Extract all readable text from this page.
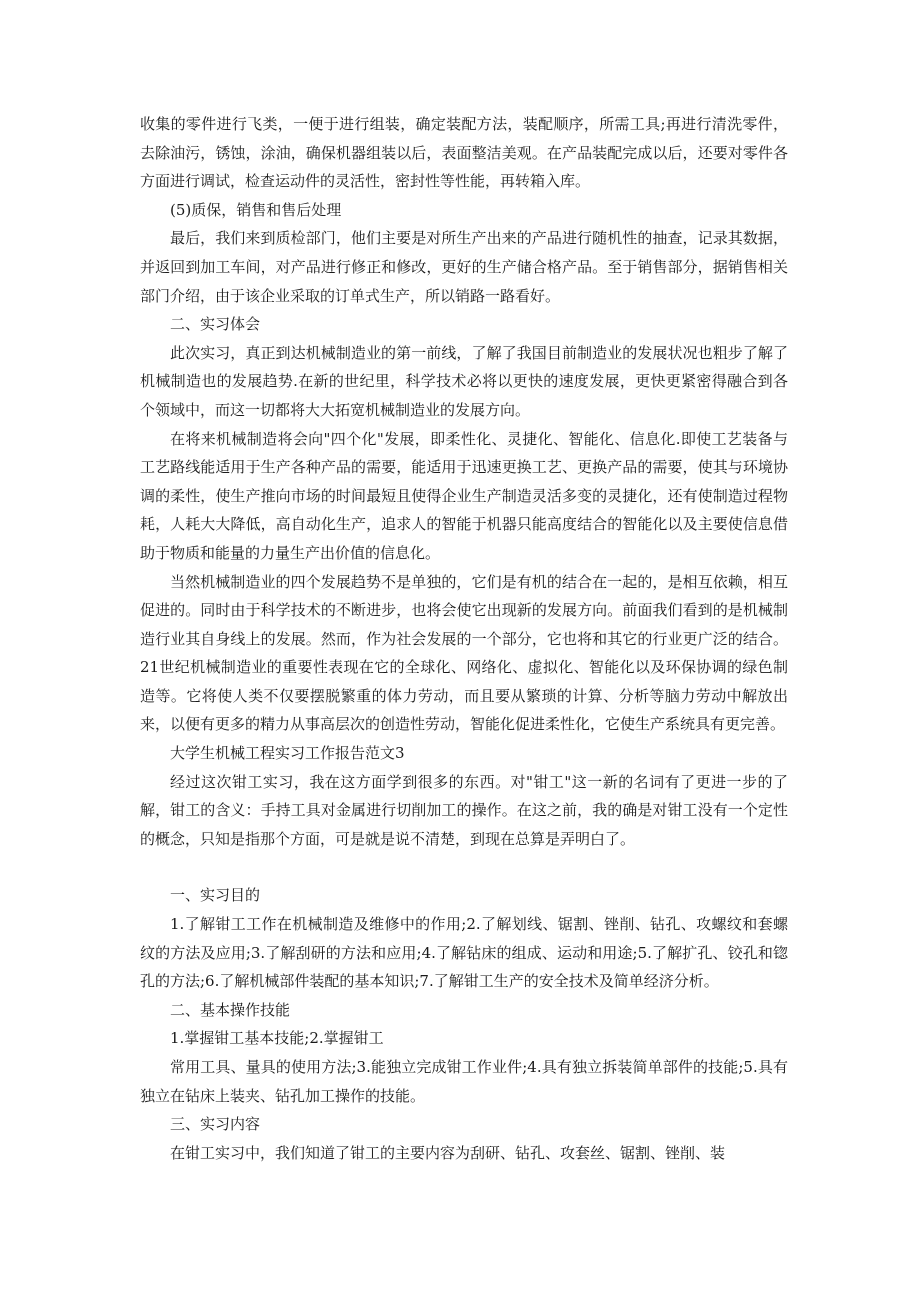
收集的零件进行飞类，一便于进行组装，确定装配方法，装配顺序，所需工具;再进行清洗零件，去除油污，锈蚀，涂油，确保机器组装以后，表面整洁美观。在产品装配完成以后，还要对零件各方面进行调试，检查运动件的灵活性，密封性等性能，再转箱入库。

(5)质保，销售和售后处理

最后，我们来到质检部门，他们主要是对所生产出来的产品进行随机性的抽查，记录其数据，并返回到加工车间，对产品进行修正和修改，更好的生产储合格产品。至于销售部分，据销售相关部门介绍，由于该企业采取的订单式生产，所以销路一路看好。

二、实习体会

此次实习，真正到达机械制造业的第一前线，了解了我国目前制造业的发展状况也粗步了解了机械制造也的发展趋势.在新的世纪里，科学技术必将以更快的速度发展，更快更紧密得融合到各个领域中，而这一切都将大大拓宽机械制造业的发展方向。

在将来机械制造将会向"四个化"发展，即柔性化、灵捷化、智能化、信息化.即使工艺装备与工艺路线能适用于生产各种产品的需要，能适用于迅速更换工艺、更换产品的需要，使其与环境协调的柔性，使生产推向市场的时间最短且使得企业生产制造灵活多变的灵捷化，还有使制造过程物耗，人耗大大降低，高自动化生产，追求人的智能于机器只能高度结合的智能化以及主要使信息借助于物质和能量的力量生产出价值的信息化。

当然机械制造业的四个发展趋势不是单独的，它们是有机的结合在一起的，是相互依赖，相互促进的。同时由于科学技术的不断进步，也将会使它出现新的发展方向。前面我们看到的是机械制造行业其自身线上的发展。然而，作为社会发展的一个部分，它也将和其它的行业更广泛的结合。21世纪机械制造业的重要性表现在它的全球化、网络化、虚拟化、智能化以及环保协调的绿色制造等。它将使人类不仅要摆脱繁重的体力劳动，而且要从繁琐的计算、分析等脑力劳动中解放出来，以便有更多的精力从事高层次的创造性劳动，智能化促进柔性化，它使生产系统具有更完善。

大学生机械工程实习工作报告范文3

经过这次钳工实习，我在这方面学到很多的东西。对"钳工"这一新的名词有了更进一步的了解，钳工的含义：手持工具对金属进行切削加工的操作。在这之前，我的确是对钳工没有一个定性的概念，只知是指那个方面，可是就是说不清楚，到现在总算是弄明白了。

一、实习目的

1.了解钳工工作在机械制造及维修中的作用;2.了解划线、锯割、锉削、钻孔、攻螺纹和套螺纹的方法及应用;3.了解刮研的方法和应用;4.了解钻床的组成、运动和用途;5.了解扩孔、铰孔和锪孔的方法;6.了解机械部件装配的基本知识;7.了解钳工生产的安全技术及简单经济分析。

二、基本操作技能

1.掌握钳工基本技能;2.掌握钳工

常用工具、量具的使用方法;3.能独立完成钳工作业件;4.具有独立拆装简单部件的技能;5.具有独立在钻床上装夹、钻孔加工操作的技能。

三、实习内容

在钳工实习中，我们知道了钳工的主要内容为刮研、钻孔、攻套丝、锯割、锉削、装
